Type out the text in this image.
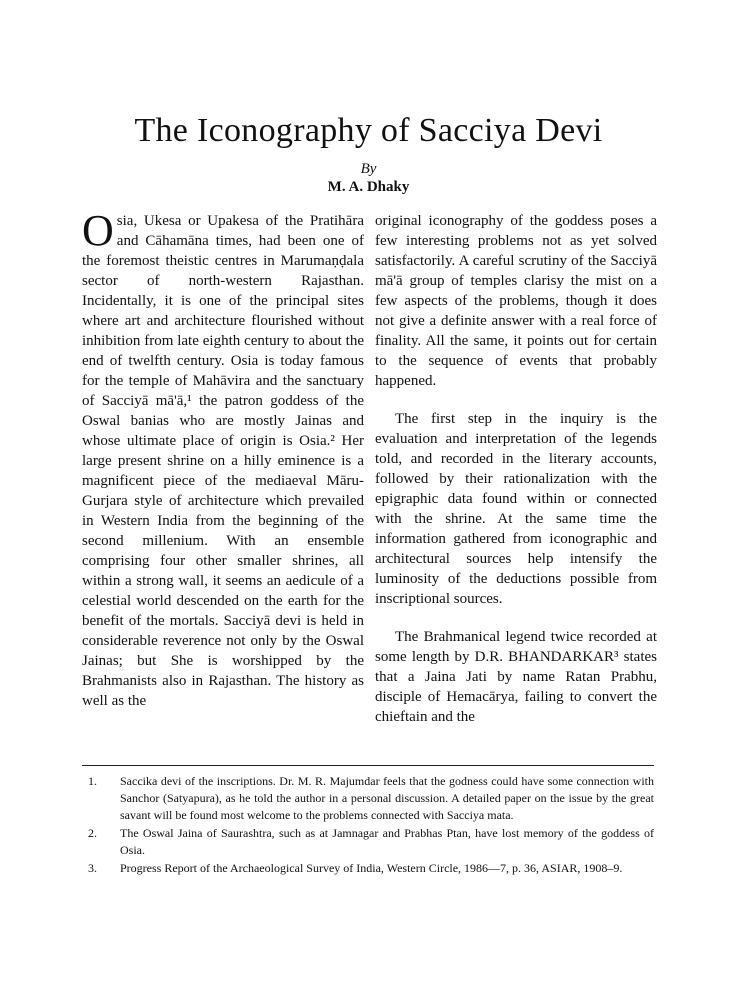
The Iconography of Sacciya Devi
By
M. A. Dhaky

Osia, Ukesa or Upakesa of the Pratihāra and Cāhamāna times, had been one of the foremost theistic centres in Marumaṇḍala sector of north-western Rajasthan. Incidentally, it is one of the principal sites where art and architecture flourished without inhibition from late eighth century to about the end of twelfth century. Osia is today famous for the temple of Mahāvira and the sanctuary of Sacciyā mā'ā,¹ the patron goddess of the Oswal banias who are mostly Jainas and whose ultimate place of origin is Osia.² Her large present shrine on a hilly eminence is a magnificent piece of the mediaeval Māru-Gurjara style of architecture which prevailed in Western India from the beginning of the second millenium. With an ensemble comprising four other smaller shrines, all within a strong wall, it seems an aedicule of a celestial world descended on the earth for the benefit of the mortals. Sacciyā devi is held in considerable reverence not only by the Oswal Jainas; but She is worshipped by the Brahmanists also in Rajasthan. The history as well as the

original iconography of the goddess poses a few interesting problems not as yet solved satisfactorily. A careful scrutiny of the Sacciyā mā'ā group of temples clarisy the mist on a few aspects of the problems, though it does not give a definite answer with a real force of finality. All the same, it points out for certain to the sequence of events that probably happened.

The first step in the inquiry is the evaluation and interpretation of the legends told, and recorded in the literary accounts, followed by their rationalization with the epigraphic data found within or connected with the shrine. At the same time the information gathered from iconographic and architectural sources help intensify the luminosity of the deductions possible from inscriptional sources.

The Brahmanical legend twice recorded at some length by D.R. BHANDARKAR³ states that a Jaina Jati by name Ratan Prabhu, disciple of Hemacārya, failing to convert the chieftain and the

1.	Saccika devi of the inscriptions. Dr. M. R. Majumdar feels that the godness could have some connection with Sanchor (Satyapura), as he told the author in a personal discussion. A detailed paper on the issue by the great savant will be found most welcome to the problems connected with Sacciya mata.
2.	The Oswal Jaina of Saurashtra, such as at Jamnagar and Prabhas Ptan, have lost memory of the goddess of Osia.
3.	Progress Report of the Archaeological Survey of India, Western Circle, 1986—7, p. 36, ASIAR, 1908–9.
